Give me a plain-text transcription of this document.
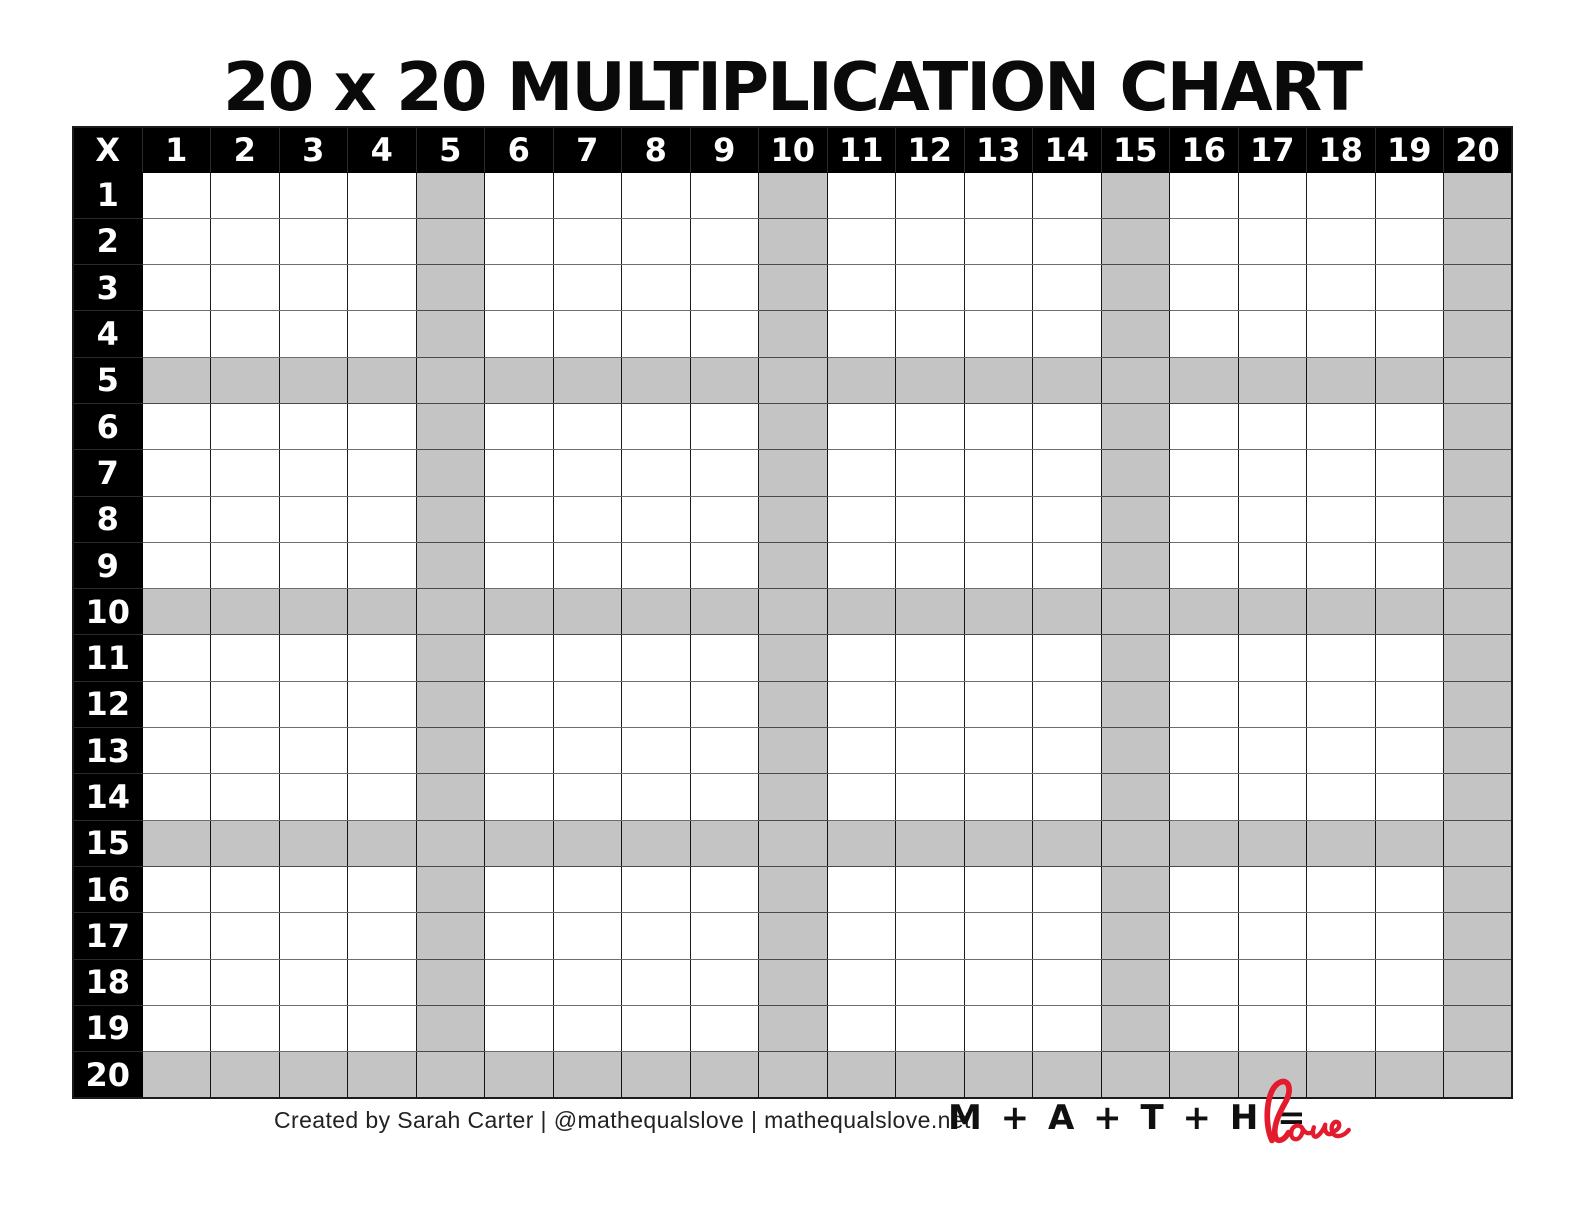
20 x 20 MULTIPLICATION CHART
X	1	2	3	4	5	6	7	8	9	10	11	12	13	14	15	16	17	18	19	20
1																				
2																				
3																				
4																				
5																				
6																				
7																				
8																				
9																				
10																				
11																				
12																				
13																				
14																				
15																				
16																				
17																				
18																				
19																				
20																				
Created by Sarah Carter | @mathequalslove | mathequalslove.net
M + A + T + H =
